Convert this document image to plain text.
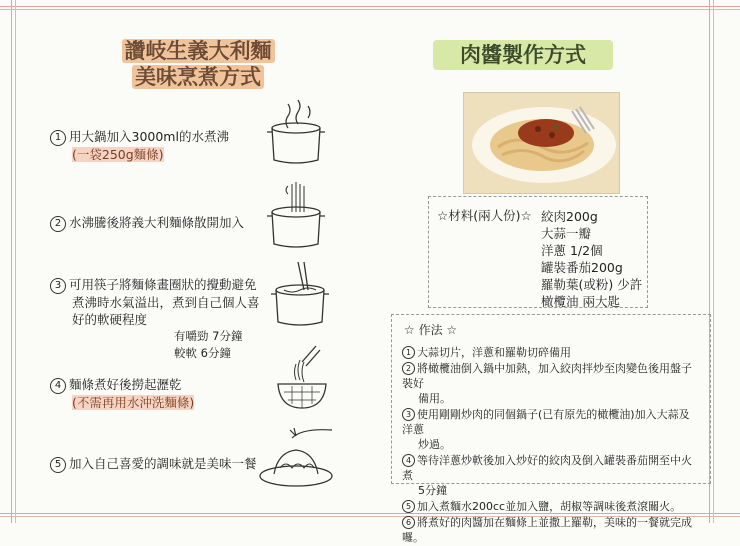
讚岐生義大利麵
美味烹煮方式
肉醬製作方式
1 用大鍋加入3000ml的水煮沸
(一袋250g麵條)
2 水沸騰後將義大利麵條散開加入
3 可用筷子將麵條畫圈狀的攪動避免
煮沸時水氣溢出，煮到自己個人喜
好的軟硬程度
有嚼勁 7分鐘
較軟 6分鐘
4 麵條煮好後撈起瀝乾
(不需再用水沖洗麵條)
5 加入自己喜愛的調味就是美味一餐
☆材料(兩人份)☆ 絞肉200g
大蒜一瓣
洋蔥 1/2個
罐裝番茄200g
羅勒葉(或粉) 少許
橄欖油 兩大匙
☆ 作法 ☆
1 大蒜切片，洋蔥和羅勒切碎備用
2 將橄欖油倒入鍋中加熱，加入絞肉拌炒至肉變色後用盤子裝好
備用。
3 使用剛剛炒肉的同個鍋子(已有原先的橄欖油)加入大蒜及洋蔥
炒過。
4 等待洋蔥炒軟後加入炒好的絞肉及倒入罐裝番茄開至中火煮
5分鐘
5 加入煮麵水200cc並加入鹽，胡椒等調味後煮滾關火。
6 將煮好的肉醬加在麵條上並撒上羅勒，美味的一餐就完成囉。
